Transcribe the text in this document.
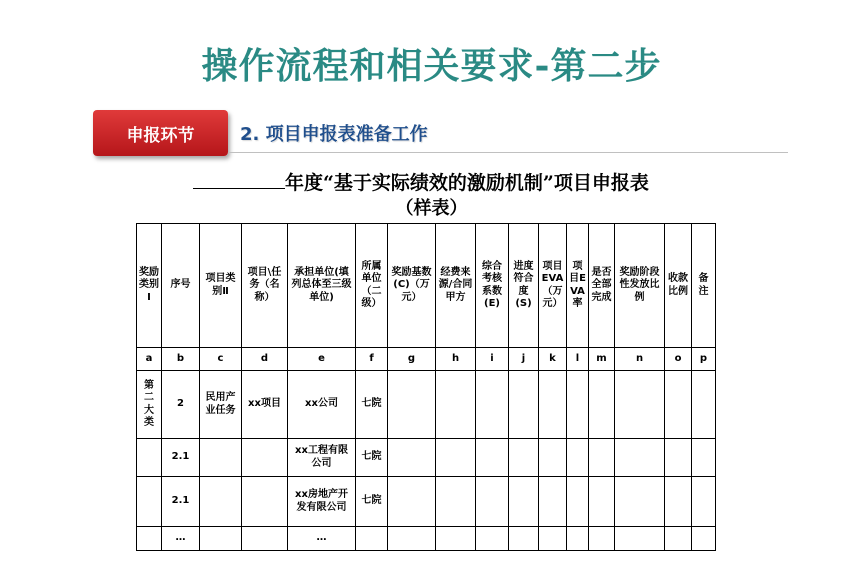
操作流程和相关要求-第二步
申报环节	2. 项目申报表准备工作
年度“基于实际绩效的激励机制”项目申报表
（样表）
奖励类别Ⅰ	序号	项目类别Ⅱ	项目\任务（名称）	承担单位(填列总体至三级单位)	所属单位（二级）	奖励基数(C)（万元）	经费来源/合同甲方	综合考核系数(E)	进度符合度(S)	项目EVA（万元）	项目EVA率	是否全部完成	奖励阶段性发放比例	收款比例	备注
a	b	c	d	e	f	g	h	i	j	k	l	m	n	o	p
第二大类	2	民用产业任务	xx项目	xx公司	七院										
	2.1			xx工程有限公司	七院										
	2.1			xx房地产开发有限公司	七院										
	…			…											
